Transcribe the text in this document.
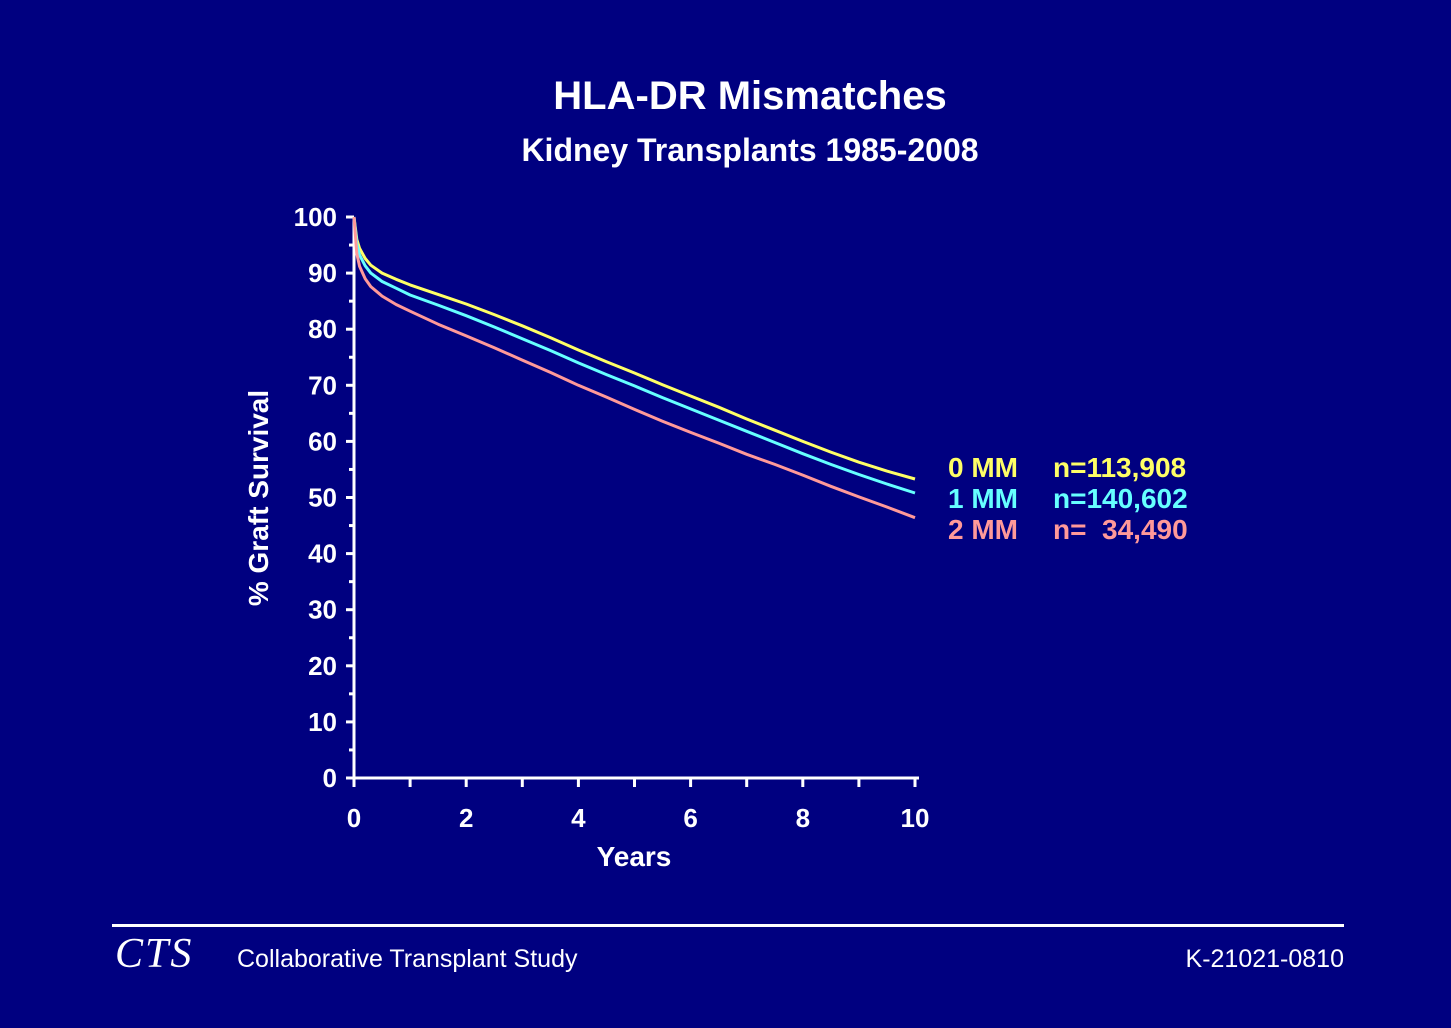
HLA-DR Mismatches
Kidney Transplants 1985-2008
0
10
20
30
40
50
60
70
80
90
100
0	2	4	6	8	10
0 MM n=113,908
1 MM n=140,602
2 MM n=  34,490
Years
% Graft Survival
CTS Collaborative Transplant Study	K-21021-0810
